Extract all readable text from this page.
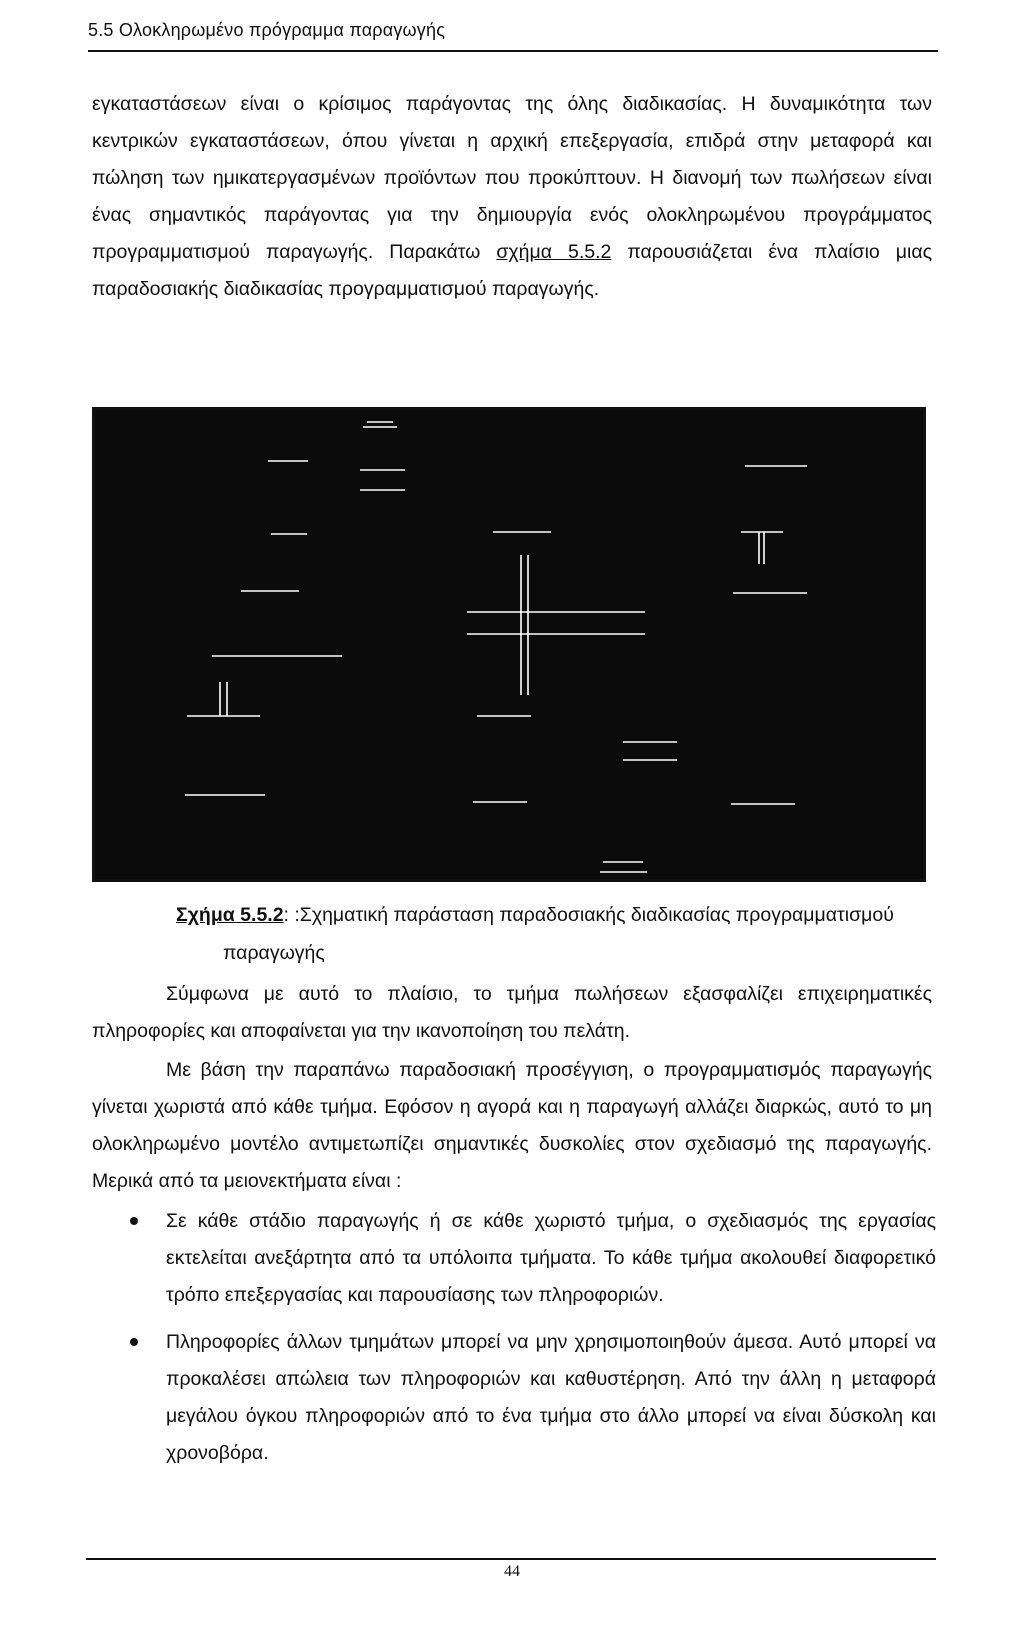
5.5 Ολοκληρωμένο πρόγραμμα παραγωγής

εγκαταστάσεων είναι ο κρίσιμος παράγοντας της όλης διαδικασίας. Η δυναμικότητα των κεντρικών εγκαταστάσεων, όπου γίνεται η αρχική επεξεργασία, επιδρά στην μεταφορά και πώληση των ημικατεργασμένων προϊόντων που προκύπτουν. Η διανομή των πωλήσεων είναι ένας σημαντικός παράγοντας για την δημιουργία ενός ολοκληρωμένου προγράμματος προγραμματισμού παραγωγής. Παρακάτω σχήμα 5.5.2 παρουσιάζεται ένα πλαίσιο μιας παραδοσιακής διαδικασίας προγραμματισμού παραγωγής.

Σχήμα 5.5.2: :Σχηματική παράσταση παραδοσιακής διαδικασίας προγραμματισμού
παραγωγής

Σύμφωνα με αυτό το πλαίσιο, το τμήμα πωλήσεων εξασφαλίζει επιχειρηματικές πληροφορίες και αποφαίνεται για την ικανοποίηση του πελάτη.

Με βάση την παραπάνω παραδοσιακή προσέγγιση, ο προγραμματισμός παραγωγής γίνεται χωριστά από κάθε τμήμα. Εφόσον η αγορά και η παραγωγή αλλάζει διαρκώς, αυτό το μη ολοκληρωμένο μοντέλο αντιμετωπίζει σημαντικές δυσκολίες στον σχεδιασμό της παραγωγής. Μερικά από τα μειονεκτήματα είναι :

Σε κάθε στάδιο παραγωγής ή σε κάθε χωριστό τμήμα, ο σχεδιασμός της εργασίας εκτελείται ανεξάρτητα από τα υπόλοιπα τμήματα. Το κάθε τμήμα ακολουθεί διαφορετικό τρόπο επεξεργασίας και παρουσίασης των πληροφοριών.
Πληροφορίες άλλων τμημάτων μπορεί να μην χρησιμοποιηθούν άμεσα. Αυτό μπορεί να προκαλέσει απώλεια των πληροφοριών και καθυστέρηση. Από την άλλη η μεταφορά μεγάλου όγκου πληροφοριών από το ένα τμήμα στο άλλο μπορεί να είναι δύσκολη και χρονοβόρα.
44
